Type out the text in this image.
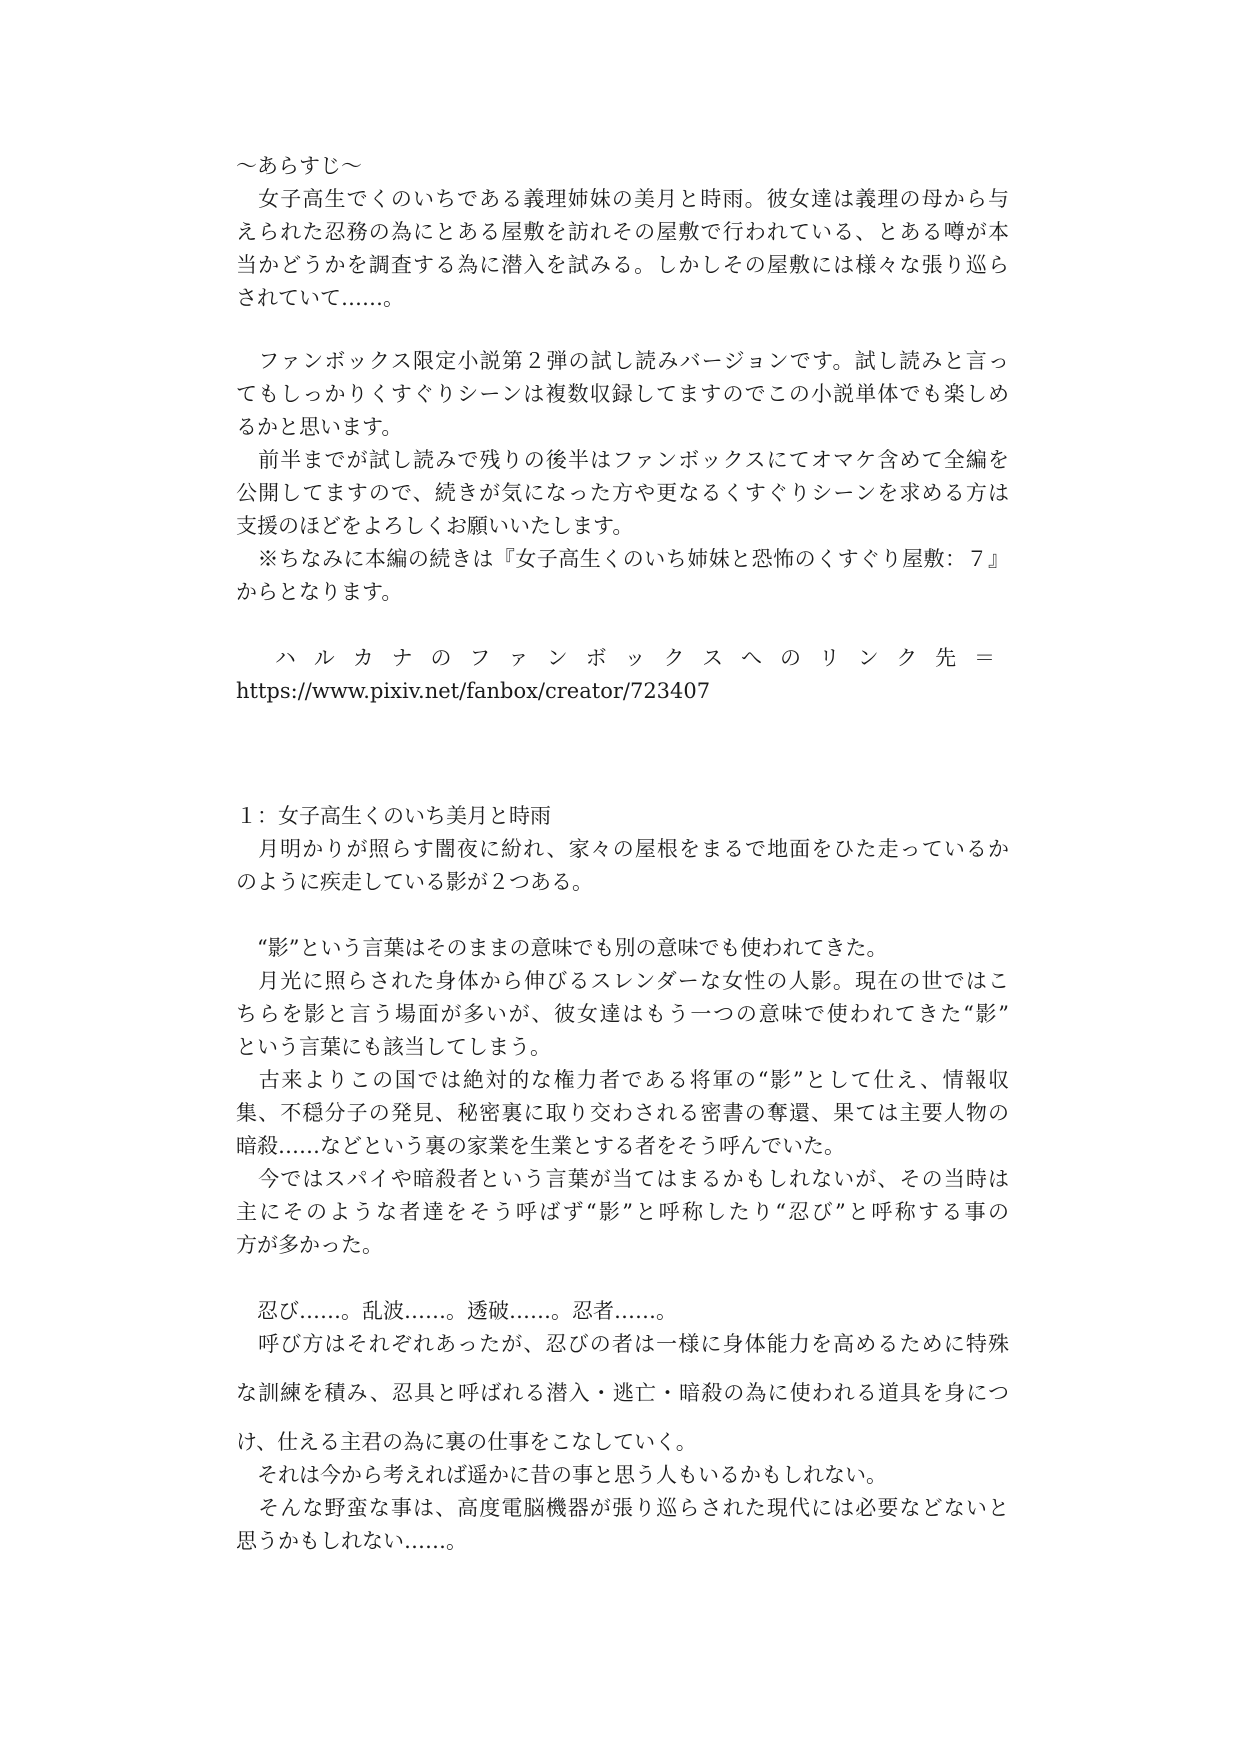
～あらすじ～
　女子高生でくのいちである義理姉妹の美月と時雨。彼女達は義理の母から与
えられた忍務の為にとある屋敷を訪れその屋敷で行われている、とある噂が本
当かどうかを調査する為に潜入を試みる。しかしその屋敷には様々な張り巡ら
されていて……。
　ファンボックス限定小説第２弾の試し読みバージョンです。試し読みと言っ
てもしっかりくすぐりシーンは複数収録してますのでこの小説単体でも楽しめ
るかと思います。
　前半までが試し読みで残りの後半はファンボックスにてオマケ含めて全編を
公開してますので、続きが気になった方や更なるくすぐりシーンを求める方は
支援のほどをよろしくお願いいたします。
　※ちなみに本編の続きは『女子高生くのいち姉妹と恐怖のくすぐり屋敷：７』
からとなります。
　ハルカナのファンボックスへのリンク先＝
https://www.pixiv.net/fanbox/creator/723407
１：女子高生くのいち美月と時雨
　月明かりが照らす闇夜に紛れ、家々の屋根をまるで地面をひた走っているか
のように疾走している影が２つある。
　“影”という言葉はそのままの意味でも別の意味でも使われてきた。
　月光に照らされた身体から伸びるスレンダーな女性の人影。現在の世ではこ
ちらを影と言う場面が多いが、彼女達はもう一つの意味で使われてきた“影”
という言葉にも該当してしまう。
　古来よりこの国では絶対的な権力者である将軍の“影”として仕え、情報収
集、不穏分子の発見、秘密裏に取り交わされる密書の奪還、果ては主要人物の
暗殺……などという裏の家業を生業とする者をそう呼んでいた。
　今ではスパイや暗殺者という言葉が当てはまるかもしれないが、その当時は
主にそのような者達をそう呼ばず“影”と呼称したり“忍び”と呼称する事の
方が多かった。
　忍び……。乱波……。透破……。忍者……。
　呼び方はそれぞれあったが、忍びの者は一様に身体能力を高めるために特殊
な訓練を積み、忍具と呼ばれる潜入・逃亡・暗殺の為に使われる道具を身につ
け、仕える主君の為に裏の仕事をこなしていく。
　それは今から考えれば遥かに昔の事と思う人もいるかもしれない。
　そんな野蛮な事は、高度電脳機器が張り巡らされた現代には必要などないと
思うかもしれない……。
